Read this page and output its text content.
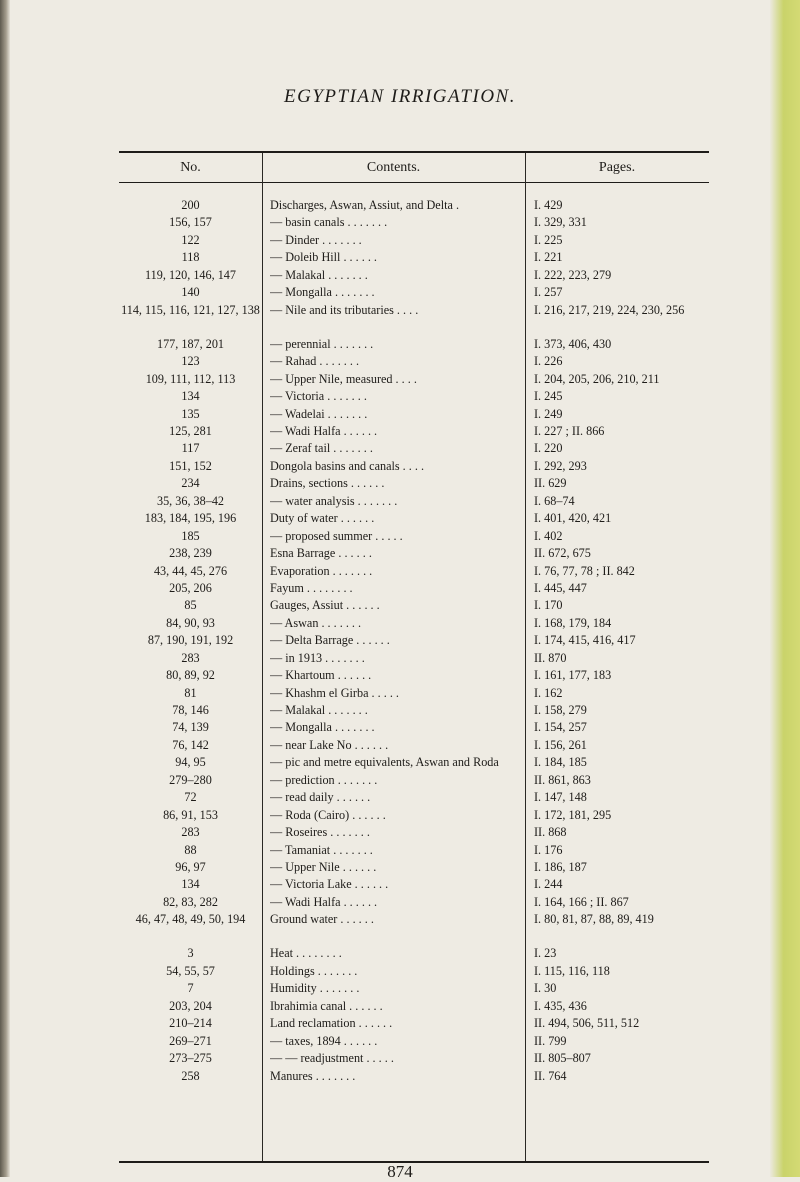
EGYPTIAN IRRIGATION.
No.	Contents.	Pages.
200	Discharges, Aswan, Assiut, and Delta .	I. 429
156, 157	— basin canals . . . . . . .	I. 329, 331
122	— Dinder . . . . . . .	I. 225
118	— Doleib Hill . . . . . .	I. 221
119, 120, 146, 147	— Malakal . . . . . . .	I. 222, 223, 279
140	— Mongalla . . . . . . .	I. 257
114, 115, 116, 121, 127, 138 — Nile and its tributaries . . . .	I. 216, 217, 219, 224, 230, 256
177, 187, 201	— perennial . . . . . . .	I. 373, 406, 430
123	— Rahad . . . . . . .	I. 226
109, 111, 112, 113	— Upper Nile, measured . . . .	I. 204, 205, 206, 210, 211
134	— Victoria . . . . . . .	I. 245
135	— Wadelai . . . . . . .	I. 249
125, 281	— Wadi Halfa . . . . . .	I. 227 ; II. 866
117	— Zeraf tail . . . . . . .	I. 220
151, 152	Dongola basins and canals . . . .	I. 292, 293
234	Drains, sections . . . . . .	II. 629
35, 36, 38–42	— water analysis . . . . . . .	I. 68–74
183, 184, 195, 196	Duty of water . . . . . .	I. 401, 420, 421
185	— proposed summer . . . . .	I. 402
238, 239	Esna Barrage . . . . . .	II. 672, 675
43, 44, 45, 276	Evaporation . . . . . . .	I. 76, 77, 78 ; II. 842
205, 206	Fayum . . . . . . . .	I. 445, 447
85	Gauges, Assiut . . . . . .	I. 170
84, 90, 93	— Aswan . . . . . . .	I. 168, 179, 184
87, 190, 191, 192	— Delta Barrage . . . . . .	I. 174, 415, 416, 417
283	— in 1913 . . . . . . .	II. 870
80, 89, 92	— Khartoum . . . . . .	I. 161, 177, 183
81	— Khashm el Girba . . . . .	I. 162
78, 146	— Malakal . . . . . . .	I. 158, 279
74, 139	— Mongalla . . . . . . .	I. 154, 257
76, 142	— near Lake No . . . . . .	I. 156, 261
94, 95	— pic and metre equivalents, Aswan and Roda	I. 184, 185
279–280	— prediction . . . . . . .	II. 861, 863
72	— read daily . . . . . .	I. 147, 148
86, 91, 153	— Roda (Cairo) . . . . . .	I. 172, 181, 295
283	— Roseires . . . . . . .	II. 868
88	— Tamaniat . . . . . . .	I. 176
96, 97	— Upper Nile . . . . . .	I. 186, 187
134	— Victoria Lake . . . . . .	I. 244
82, 83, 282	— Wadi Halfa . . . . . .	I. 164, 166 ; II. 867
46, 47, 48, 49, 50, 194	Ground water . . . . . .	I. 80, 81, 87, 88, 89, 419
3	Heat . . . . . . . .	I. 23
54, 55, 57	Holdings . . . . . . .	I. 115, 116, 118
7	Humidity . . . . . . .	I. 30
203, 204	Ibrahimia canal . . . . . .	I. 435, 436
210–214	Land reclamation . . . . . .	II. 494, 506, 511, 512
269–271	— taxes, 1894 . . . . . .	II. 799
273–275	— — readjustment . . . . .	II. 805–807
258	Manures . . . . . . .	II. 764
874
